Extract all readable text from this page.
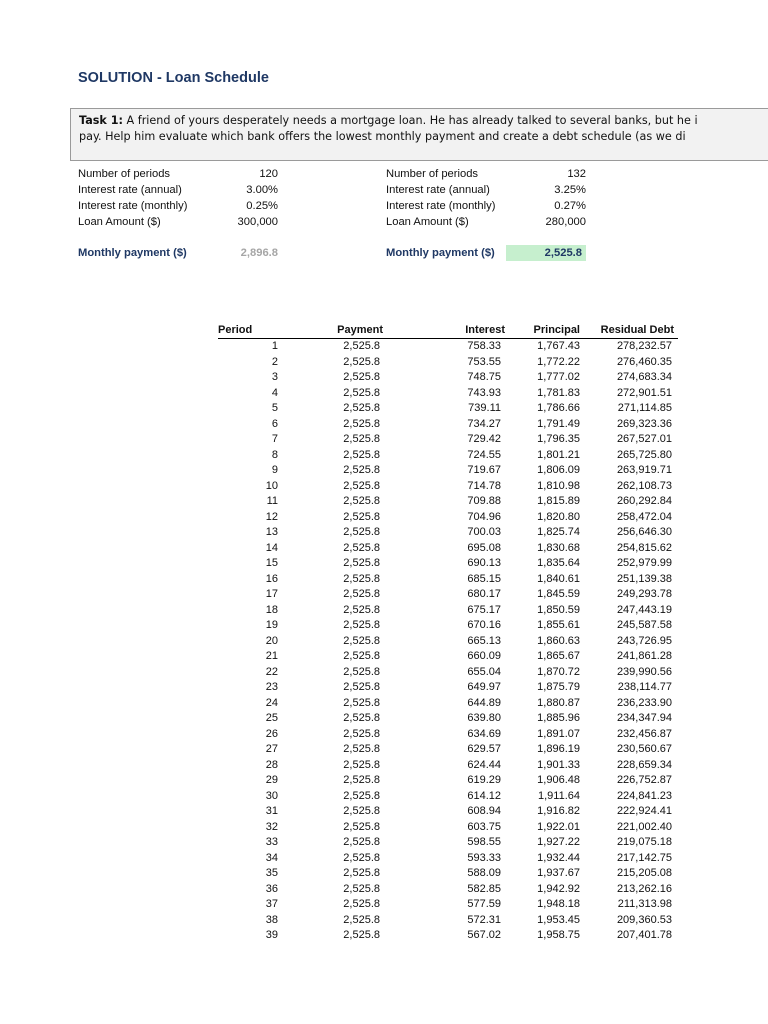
SOLUTION - Loan Schedule

Task 1: A friend of yours desperately needs a mortgage loan. He has already talked to several banks, but he i
pay. Help him evaluate which bank offers the lowest monthly payment and create a debt schedule (as we di

Number of periods	120
Interest rate (annual)	3.00%
Interest rate (monthly)	0.25%
Loan Amount ($)	300,000
Monthly payment ($)	2,896.8
Number of periods	132
Interest rate (annual)	3.25%
Interest rate (monthly)	0.27%
Loan Amount ($)	280,000
Monthly payment ($)	2,525.8
Period	Payment	Interest	Principal	Residual Debt
1	2,525.8	758.33	1,767.43	278,232.57
2	2,525.8	753.55	1,772.22	276,460.35
3	2,525.8	748.75	1,777.02	274,683.34
4	2,525.8	743.93	1,781.83	272,901.51
5	2,525.8	739.11	1,786.66	271,114.85
6	2,525.8	734.27	1,791.49	269,323.36
7	2,525.8	729.42	1,796.35	267,527.01
8	2,525.8	724.55	1,801.21	265,725.80
9	2,525.8	719.67	1,806.09	263,919.71
10	2,525.8	714.78	1,810.98	262,108.73
11	2,525.8	709.88	1,815.89	260,292.84
12	2,525.8	704.96	1,820.80	258,472.04
13	2,525.8	700.03	1,825.74	256,646.30
14	2,525.8	695.08	1,830.68	254,815.62
15	2,525.8	690.13	1,835.64	252,979.99
16	2,525.8	685.15	1,840.61	251,139.38
17	2,525.8	680.17	1,845.59	249,293.78
18	2,525.8	675.17	1,850.59	247,443.19
19	2,525.8	670.16	1,855.61	245,587.58
20	2,525.8	665.13	1,860.63	243,726.95
21	2,525.8	660.09	1,865.67	241,861.28
22	2,525.8	655.04	1,870.72	239,990.56
23	2,525.8	649.97	1,875.79	238,114.77
24	2,525.8	644.89	1,880.87	236,233.90
25	2,525.8	639.80	1,885.96	234,347.94
26	2,525.8	634.69	1,891.07	232,456.87
27	2,525.8	629.57	1,896.19	230,560.67
28	2,525.8	624.44	1,901.33	228,659.34
29	2,525.8	619.29	1,906.48	226,752.87
30	2,525.8	614.12	1,911.64	224,841.23
31	2,525.8	608.94	1,916.82	222,924.41
32	2,525.8	603.75	1,922.01	221,002.40
33	2,525.8	598.55	1,927.22	219,075.18
34	2,525.8	593.33	1,932.44	217,142.75
35	2,525.8	588.09	1,937.67	215,205.08
36	2,525.8	582.85	1,942.92	213,262.16
37	2,525.8	577.59	1,948.18	211,313.98
38	2,525.8	572.31	1,953.45	209,360.53
39	2,525.8	567.02	1,958.75	207,401.78
